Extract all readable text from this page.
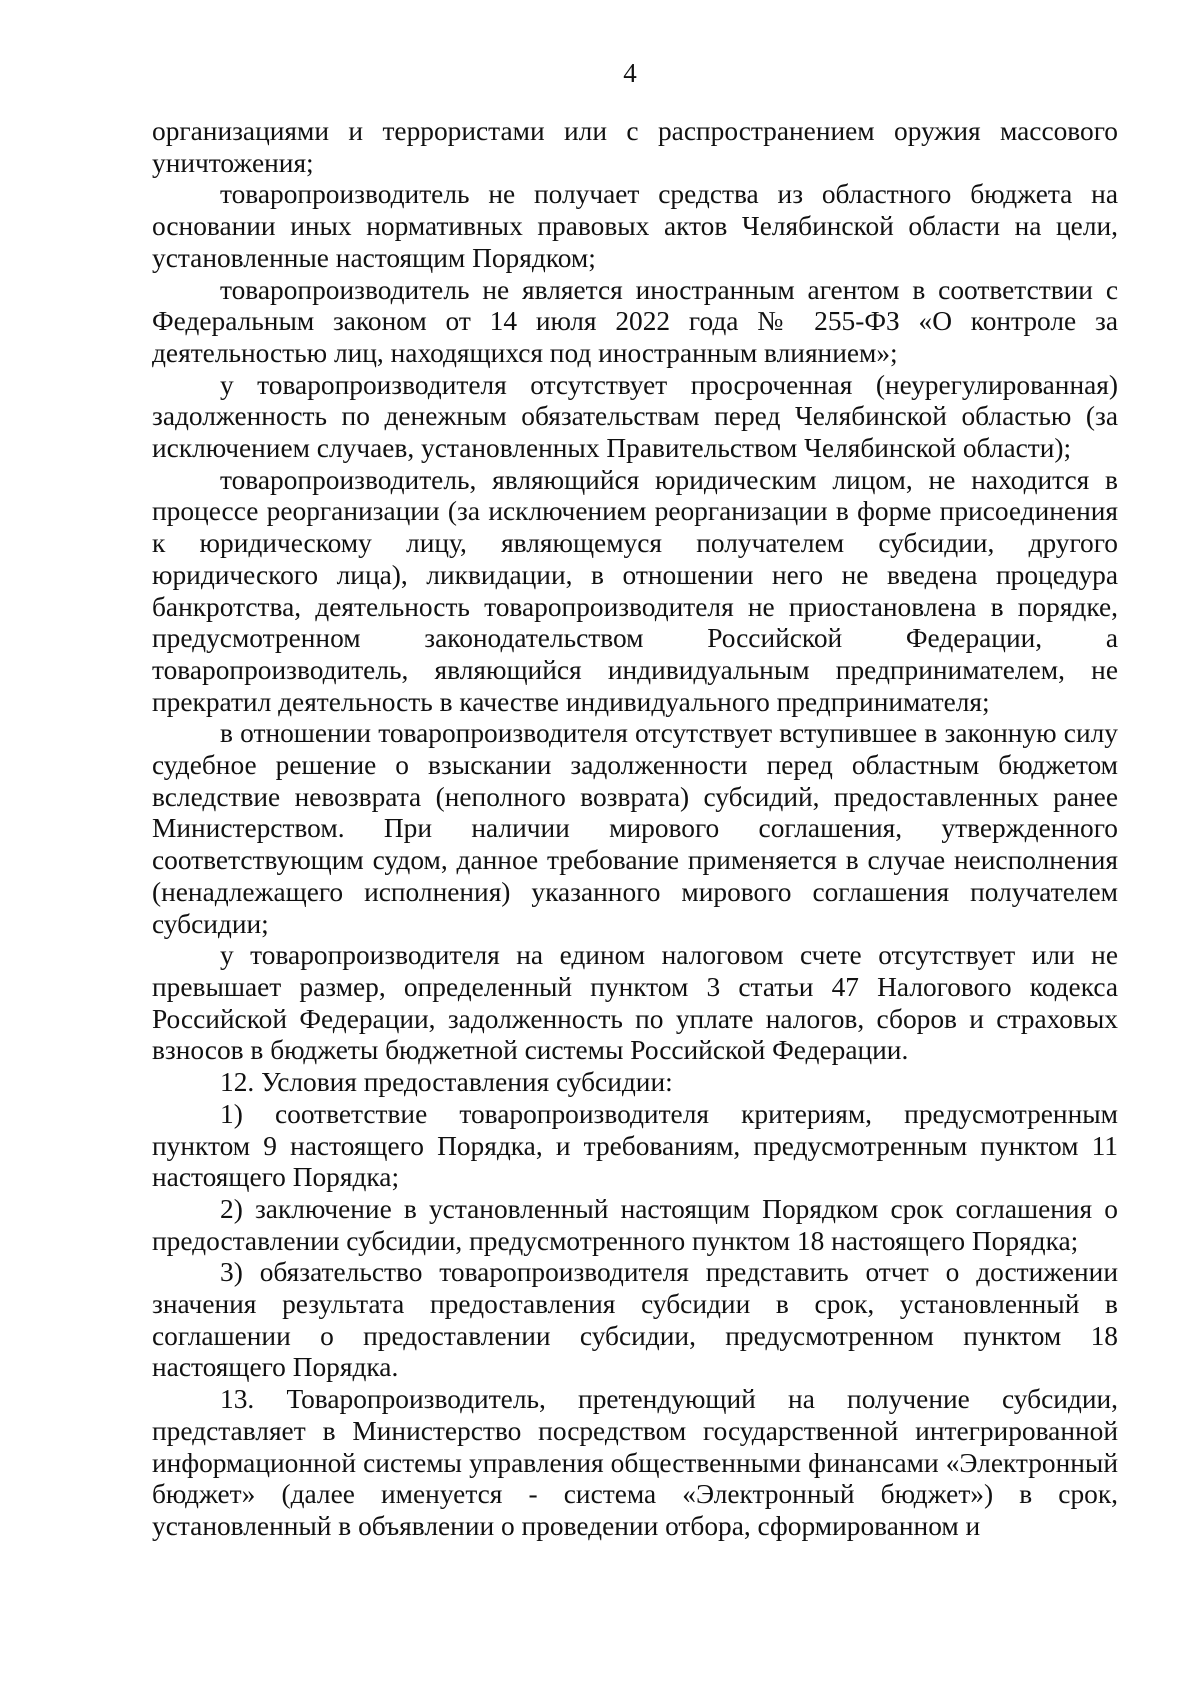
4

организациями и террористами или с распространением оружия массового уничтожения;

товаропроизводитель не получает средства из областного бюджета на основании иных нормативных правовых актов Челябинской области на цели, установленные настоящим Порядком;

товаропроизводитель не является иностранным агентом в соответствии с Федеральным законом от 14 июля 2022 года № 255-ФЗ «О контроле за деятельностью лиц, находящихся под иностранным влиянием»;

у товаропроизводителя отсутствует просроченная (неурегулированная) задолженность по денежным обязательствам перед Челябинской областью (за исключением случаев, установленных Правительством Челябинской области);

товаропроизводитель, являющийся юридическим лицом, не находится в процессе реорганизации (за исключением реорганизации в форме присоединения к юридическому лицу, являющемуся получателем субсидии, другого юридического лица), ликвидации, в отношении него не введена процедура банкротства, деятельность товаропроизводителя не приостановлена в порядке, предусмотренном законодательством Российской Федерации, а товаропроизводитель, являющийся индивидуальным предпринимателем, не прекратил деятельность в качестве индивидуального предпринимателя;

в отношении товаропроизводителя отсутствует вступившее в законную силу судебное решение о взыскании задолженности перед областным бюджетом вследствие невозврата (неполного возврата) субсидий, предоставленных ранее Министерством. При наличии мирового соглашения, утвержденного соответствующим судом, данное требование применяется в случае неисполнения (ненадлежащего исполнения) указанного мирового соглашения получателем субсидии;

у товаропроизводителя на едином налоговом счете отсутствует или не превышает размер, определенный пунктом 3 статьи 47 Налогового кодекса Российской Федерации, задолженность по уплате налогов, сборов и страховых взносов в бюджеты бюджетной системы Российской Федерации.

12. Условия предоставления субсидии:

1) соответствие товаропроизводителя критериям, предусмотренным пунктом 9 настоящего Порядка, и требованиям, предусмотренным пунктом 11 настоящего Порядка;

2) заключение в установленный настоящим Порядком срок соглашения о предоставлении субсидии, предусмотренного пунктом 18 настоящего Порядка;

3) обязательство товаропроизводителя представить отчет о достижении значения результата предоставления субсидии в срок, установленный в соглашении о предоставлении субсидии, предусмотренном пунктом 18 настоящего Порядка.

13. Товаропроизводитель, претендующий на получение субсидии, представляет в Министерство посредством государственной интегрированной информационной системы управления общественными финансами «Электронный бюджет» (далее именуется - система «Электронный бюджет») в срок, установленный в объявлении о проведении отбора, сформированном и
